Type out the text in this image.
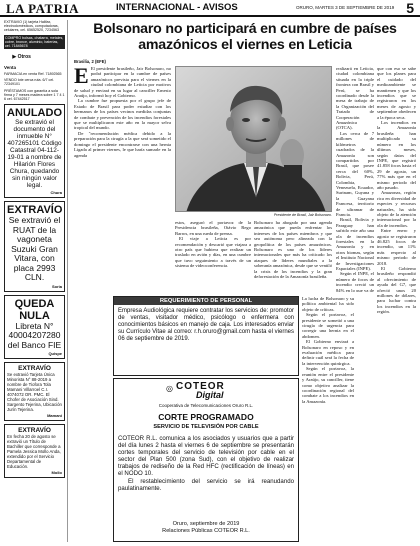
LA PATRIA	INTERNACIONAL - AVISOS	ORURO, MARTES 3 DE SEPTIEMBRE DE 2019 5
EXTRAVIO (1) tarjeta Halifax, electrodomésticos, computadoras, celulares, cel. 65652520, 7234563
COMPRO bolsas, chatarra, metales, cobre, bronce, aluminio, baterías, cel. 71845678

▶ Otros

Venta
FARMACIA en venta Ref. 71892565
VENDO lote cerca ruta. 6/7 cel. 72349101
PRÉSTAMOS con garantía a sola firma y 7 meses madera sobre 1 7 4 1 6 cel. 67442517
ANULADO

Se extravió el documento del inmueble N° 407265101 Código Catastral 04-112-19-01 a nombre de Hilarión Flores Chura, quedando sin ningún valor legal.

Chura
EXTRAVÍO

Se extravió el RUAT de la vagoneta Suzuki Gran Vitara, con placa 2993 CLN.

Soria
QUEDA NULA

Libreta N° 40004207280 del Banco FIE

Quispe
EXTRAVÍO

Se extravió Tarjeta Única Minorista N° 88-2019 a nombre de Tiofora Tola Mamani Villarroel C.I. 4074072 OR. PMC. El Chofer de Asociación Sind. Sargento Tejerina, Ubicación Jurín Tejerina.

Mamani
EXTRAVÍO

En fecha 20 de agosto se extravió un Título de Bachiller que corresponde a Pamela Jessica Mollo Anda, extendido por el Servicio Departamental de Educación.

Mollo
Bolsonaro no participará en cumbre de países amazónicos el viernes en Leticia
Brasilia, 2 (EFE)

E El presidente brasileño, Jair Bolsonaro, no podrá participar en la cumbre de países amazónicos prevista para el viernes en la ciudad colombiana de Leticia por motivos de salud y enviará en su lugar al canciller Ernesto Araújo, informó hoy el Gobierno.

La cumbre fue propuesta por el grupo jefe de Estado de Brasil para poder estudiar con los hermanos de los países vecinos medidas conjuntas de combate y prevención de los incendios forestales que se multiplicaron este año en la mayor selva tropical del mundo.

De "recomendación médica debido a la preparación para la cirugía a la que será sometido el domingo el presidente encontrarse con una hernia Ligada al primer viernes, le que haría sumarle en la agenda

Presidente de Brasil, Jair Bolsonaro.

estos, aseguró el portavoz de la Presidencia brasileña, Otávio Rego Barros, en una rueda de prensa.

El viaje a Leticia es por recomendación y descartó que viajara a otro país que hubiera que realizar un traslado en avión y días, en una cumbre que tuvo seguimiento a través de un sistema de videoconferencia.

Bolsonaro ha abogado por una agenda amazónica que pueda enfrentar los intereses de los países miembros y que sea autónoma pero alineada con la geopolítica de los países amazónicos. Bolsonaro es uno de los líderes internacionales que más ha criticado los ataques de líderes mundiales a la soberanía amazónica, desde que se ventiló la crisis de los incendios y la gran deforestación de la Amazonía brasileña.

La lucha de Bolsonaro y su política ambiental ha sido objeto de críticas.

Según el portavoz, el presidente se sometió a una cirugía de urgencia para corregir una hernia en el abdomen.

El Gobierno enviará a Bolsonaro en reposo y en evaluación médica para definir cuál será la fecha de la intervención quirúrgica.

Según el portavoz, la reunión entre el presidente y Araújo, su canciller, tiene como objetivo analizar la coordinación regional del combate a los incendios en la Amazonía.

realizará en Leticia, ciudad colombiana situada en la triple frontera con Brasil y Perú, se ha coordinado desde la mesa de trabajo de la Organización del Tratado de Cooperación Amazónica (OTCA).

Los cerca de 7 millones de kilómetros cuadrados de la Amazonía son compartidos por Brasil, que posee cerca del 60%, Bolivia, Perú, Colombia, Venezuela, Ecuador, Surinam, Guyana y la Guayana Francesa, territorio de ultramar de Francia.

Brasil, Bolivia y Paraguay han sufrido este año una ola de incendios forestales en la Amazonía y en otros biomas, según el Instituto Nacional de Investigaciones Espaciales (INPE).

Según el INPE, el número de focos de incendio creció un 84% en lo que va de

que con eso se sabe que los planes para el cuidado del medioambiente se mantienen y que los incendios que se registraron en los meses de agosto y septiembre obedecen a la época seca.

Los incendios en la Amazonía brasileña han multiplicado su número en los últimos meses, según datos del INPE, que registró 41.858 focos hasta el 29 de agosto, un 77% más que en el mismo periodo del año pasado.

Amazonas, región rica en diversidad de especies y recursos naturales, ha sido objeto de la atención internacional por la ola de incendios.

Entre enero y agosto se registraron 46.825 focos de incendio, un 11% más respecto al mismo periodo de 2018.

El Gobierno brasileño respondió al ofrecimiento de ayuda del G7, que ofreció unos 20 millones de dólares, para luchar contra los incendios en la región.

REQUERIMIENTO DE PERSONAL
Empresa Audiológica requiere contratar los servicios de: promotor de ventas, visitador médico, psicólogo o enfermera con conocimientos básicos en manejo de caja. Los interesados enviar su Currículo Vitae al correo: r.h.oruro@gmail.com hasta el viernes 06 de septiembre de 2019.
COTEOR
Digital
◎
Cooperativa de Telecomunicaciones Oruro R.L.
CORTE PROGRAMADO
SERVICIO DE TELEVISIÓN POR CABLE

COTEOR R.L. comunica a los asociados y usuarios que a partir del día lunes 2 hasta el viernes 6 de septiembre se presentarán cortes temporales del servicio de televisión por cable en el sector del Plan 500 (zona Sud), con el objetivo de realizar trabajos de rediseño de la Red HFC (rectificación de líneas) en el NODO 10.

El restablecimiento del servicio se irá reanudando paulatinamente.

Oruro, septiembre de 2019
Relaciones Públicas COTEOR R.L.
